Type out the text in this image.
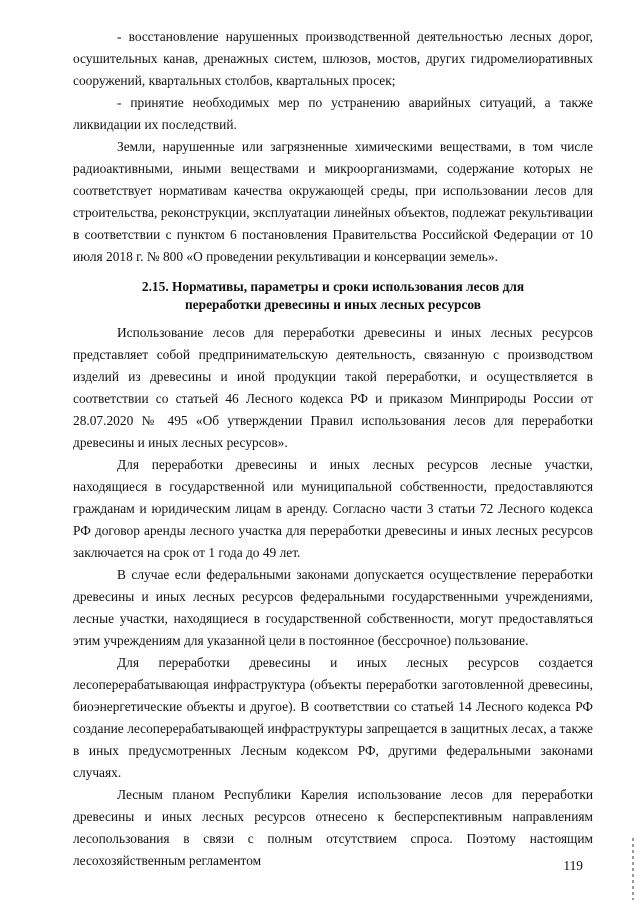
- восстановление нарушенных производственной деятельностью лесных дорог, осушительных канав, дренажных систем, шлюзов, мостов, других гидромелиоративных сооружений, квартальных столбов, квартальных просек;

- принятие необходимых мер по устранению аварийных ситуаций, а также ликвидации их последствий.

Земли, нарушенные или загрязненные химическими веществами, в том числе радиоактивными, иными веществами и микроорганизмами, содержание которых не соответствует нормативам качества окружающей среды, при использовании лесов для строительства, реконструкции, эксплуатации линейных объектов, подлежат рекультивации в соответствии с пунктом 6 постановления Правительства Российской Федерации от 10 июля 2018 г. № 800 «О проведении рекультивации и консервации земель».

2.15. Нормативы, параметры и сроки использования лесов для переработки древесины и иных лесных ресурсов

Использование лесов для переработки древесины и иных лесных ресурсов представляет собой предпринимательскую деятельность, связанную с производством изделий из древесины и иной продукции такой переработки, и осуществляется в соответствии со статьей 46 Лесного кодекса РФ и приказом Минприроды России от 28.07.2020 № 495 «Об утверждении Правил использования лесов для переработки древесины и иных лесных ресурсов».

Для переработки древесины и иных лесных ресурсов лесные участки, находящиеся в государственной или муниципальной собственности, предоставляются гражданам и юридическим лицам в аренду. Согласно части 3 статьи 72 Лесного кодекса РФ договор аренды лесного участка для переработки древесины и иных лесных ресурсов заключается на срок от 1 года до 49 лет.

В случае если федеральными законами допускается осуществление переработки древесины и иных лесных ресурсов федеральными государственными учреждениями, лесные участки, находящиеся в государственной собственности, могут предоставляться этим учреждениям для указанной цели в постоянное (бессрочное) пользование.

Для переработки древесины и иных лесных ресурсов создается лесоперерабатывающая инфраструктура (объекты переработки заготовленной древесины, биоэнергетические объекты и другое). В соответствии со статьей 14 Лесного кодекса РФ создание лесоперерабатывающей инфраструктуры запрещается в защитных лесах, а также в иных предусмотренных Лесным кодексом РФ, другими федеральными законами случаях.

Лесным планом Республики Карелия использование лесов для переработки древесины и иных лесных ресурсов отнесено к бесперспективным направлениям лесопользования в связи с полным отсутствием спроса. Поэтому настоящим лесохозяйственным регламентом	119
